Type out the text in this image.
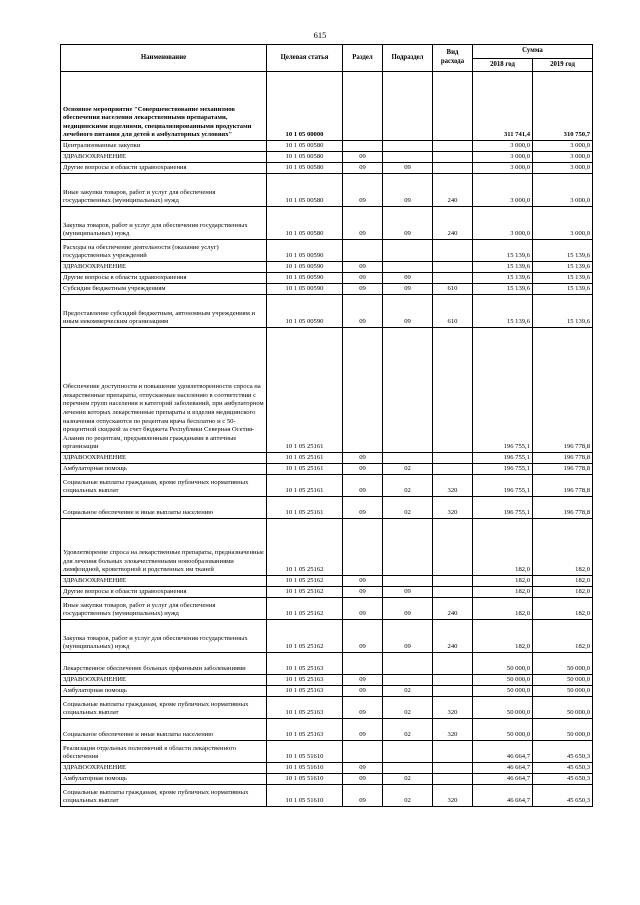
615
Наименование	Целевая статья	Раздел	Подраздел	Вид расхода	Сумма	
					2018 год	2019 год
Основное мероприятие "Совершенствование механизмов обеспечения населения лекарственными препаратами, медицинскими изделиями, специализированными продуктами лечебного питания для детей в амбулаторных условиях"	10 1 05 00000				311 741,4	310 750,7
Централизованные закупки	10 1 05 00580				3 000,0	3 000,0
ЗДРАВООХРАНЕНИЕ	10 1 05 00580	09			3 000,0	3 000,0
Другие вопросы в области здравоохранения	10 1 05 00580	09	09		3 000,0	3 000,0
Иные закупки товаров, работ и услуг для обеспечения государственных (муниципальных) нужд	10 1 05 00580	09	09	240	3 000,0	3 000,0
Закупка товаров, работ и услуг для обеспечения государственных (муниципальных) нужд	10 1 05 00580	09	09	240	3 000,0	3 000,0
Расходы на обеспечение деятельности (оказание услуг) государственных учреждений	10 1 05 00590				15 139,6	15 139,6
ЗДРАВООХРАНЕНИЕ	10 1 05 00590	09			15 139,6	15 139,6
Другие вопросы в области здравоохранения	10 1 05 00590	09	09		15 139,6	15 139,6
Субсидии бюджетным учреждениям	10 1 05 00590	09	09	610	15 139,6	15 139,6
Предоставление субсидий бюджетным, автономным учреждениям и иным некоммерческим организациям	10 1 05 00590	09	09	610	15 139,6	15 139,6
Обеспечение доступности и повышение удовлетворенности спроса на лекарственные препараты, отпускаемые населению в соответствии с перечнем групп населения и категорий заболеваний, при амбулаторном лечении которых лекарственные препараты и изделия медицинского назначения отпускаются по рецептам врача бесплатно и с 50-процентной скидкой за счет бюджета Республики Северная Осетия-Алания по рецептам, предъявленным гражданами в аптечные организации	10 1 05 25161				196 755,1	196 778,8
ЗДРАВООХРАНЕНИЕ	10 1 05 25161	09			196 755,1	196 778,8
Амбулаторная помощь	10 1 05 25161	09	02		196 755,1	196 778,8
Социальные выплаты гражданам, кроме публичных нормативных социальных выплат	10 1 05 25161	09	02	320	196 755,1	196 778,8
Социальное обеспечение и иные выплаты населению	10 1 05 25161	09	02	320	196 755,1	196 778,8
Удовлетворение спроса на лекарственные препараты, предназначенные для лечения больных злокачественными новообразованиями лимфоидной, кроветворной и родственных им тканей	10 1 05 25162				182,0	182,0
ЗДРАВООХРАНЕНИЕ	10 1 05 25162	09			182,0	182,0
Другие вопросы в области здравоохранения	10 1 05 25162	09	09		182,0	182,0
Иные закупки товаров, работ и услуг для обеспечения государственных (муниципальных) нужд	10 1 05 25162	09	09	240	182,0	182,0
Закупка товаров, работ и услуг для обеспечения государственных (муниципальных) нужд	10 1 05 25162	09	09	240	182,0	182,0
Лекарственное обеспечение больных орфанными заболеваниями	10 1 05 25163				50 000,0	50 000,0
ЗДРАВООХРАНЕНИЕ	10 1 05 25163	09			50 000,0	50 000,0
Амбулаторная помощь	10 1 05 25163	09	02		50 000,0	50 000,0
Социальные выплаты гражданам, кроме публичных нормативных социальных выплат	10 1 05 25163	09	02	320	50 000,0	50 000,0
Социальное обеспечение и иные выплаты населению	10 1 05 25163	09	02	320	50 000,0	50 000,0
Реализация отдельных полномочий в области лекарственного обеспечения	10 1 05 51610				46 664,7	45 650,3
ЗДРАВООХРАНЕНИЕ	10 1 05 51610	09			46 664,7	45 650,3
Амбулаторная помощь	10 1 05 51610	09	02		46 664,7	45 650,3
Социальные выплаты гражданам, кроме публичных нормативных социальных выплат	10 1 05 51610	09	02	320	46 664,7	45 650,3
